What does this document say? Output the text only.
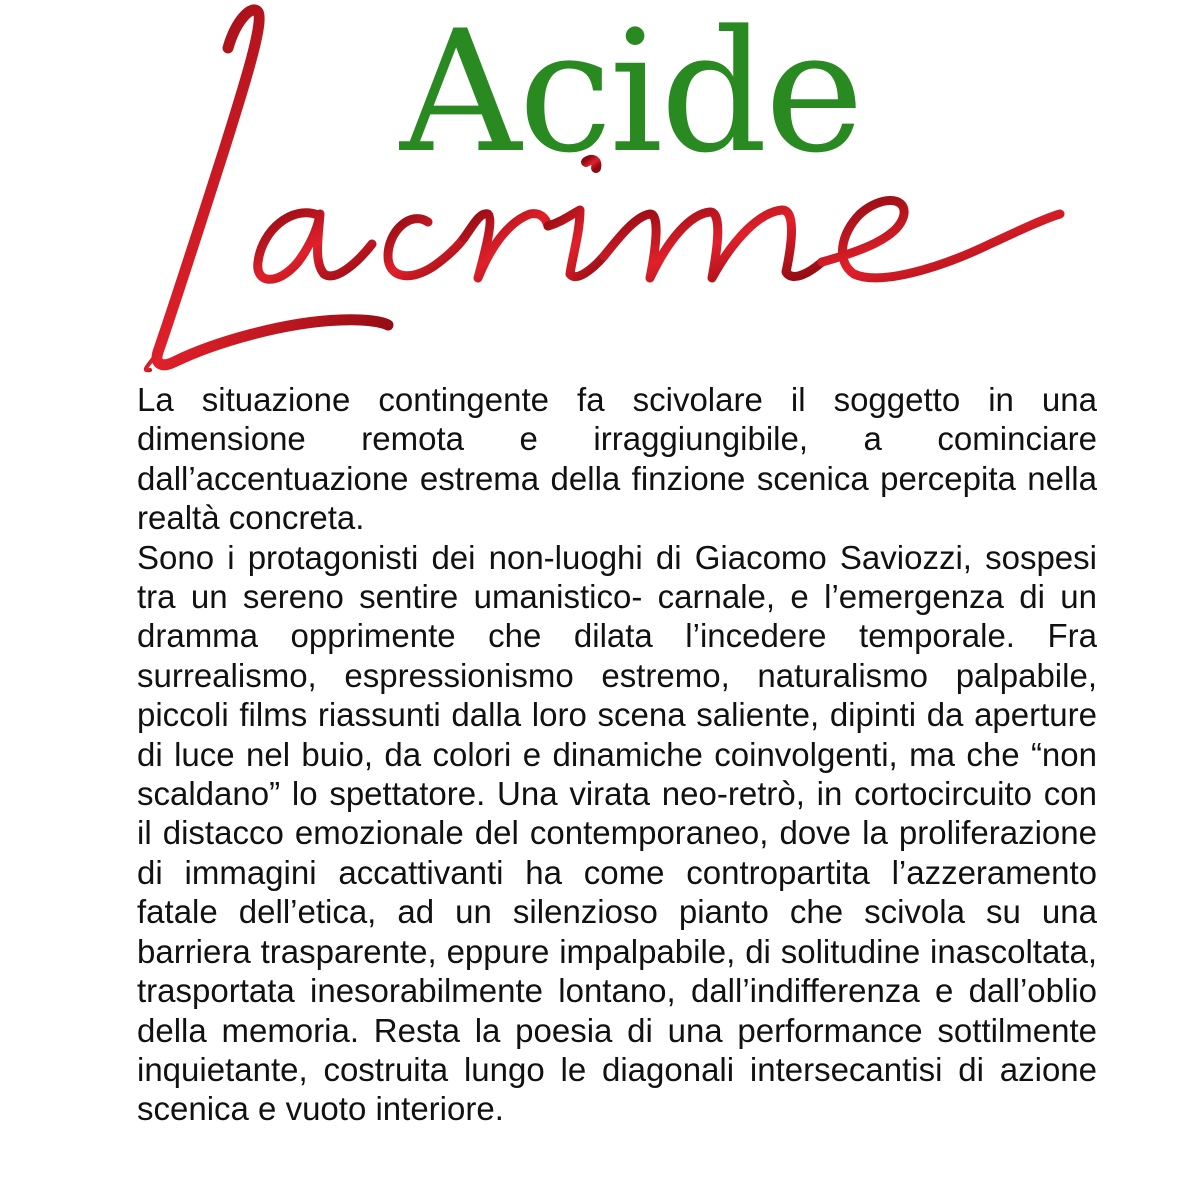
Acide

La situazione contingente fa scivolare il soggetto in una dimensione remota e irraggiungibile, a cominciare dall’accentuazione estrema della finzione scenica percepita nella realtà concreta.

Sono i protagonisti dei non-luoghi di Giacomo Saviozzi, sospesi tra un sereno sentire umanistico- carnale, e l’emergenza di un dramma opprimente che dilata l’incedere temporale. Fra surrealismo, espressionismo estremo, naturalismo palpabile, piccoli films riassunti dalla loro scena saliente, dipinti da aperture di luce nel buio, da colori e dinamiche coinvolgenti, ma che “non scaldano” lo spettatore. Una virata neo-retrò, in cortocircuito con il distacco emozionale del contemporaneo, dove la proliferazione di immagini accattivanti ha come contropartita l’azzeramento fatale dell’etica, ad un silenzioso pianto che scivola su una barriera trasparente, eppure impalpabile, di solitudine inascoltata, trasportata inesorabilmente lontano, dall’indifferenza e dall’oblio della memoria. Resta la poesia di una performance sottilmente inquietante, costruita lungo le diagonali intersecantisi di azione scenica e vuoto interiore.
